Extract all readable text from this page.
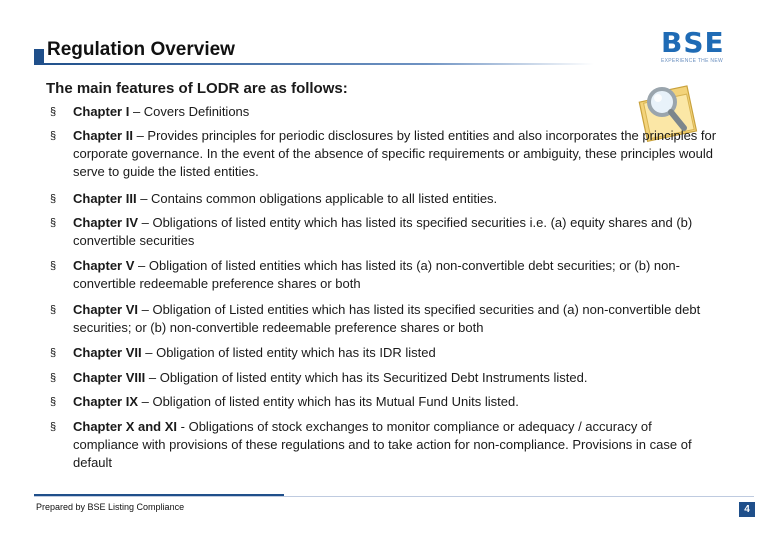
Regulation Overview	BSE
EXPERIENCE THE NEW
The main features of LODR are as follows:
§ Chapter I – Covers Definitions
§ Chapter II – Provides principles for periodic disclosures by listed entities and also incorporates the principles for corporate governance. In the event of the absence of specific requirements or ambiguity, these principles would serve to guide the listed entities.
§ Chapter III – Contains common obligations applicable to all listed entities.
§ Chapter IV – Obligations of listed entity which has listed its specified securities i.e. (a) equity shares and (b) convertible securities
§ Chapter V – Obligation of listed entities which has listed its (a) non-convertible debt securities; or (b) non-convertible redeemable preference shares or both
§ Chapter VI – Obligation of Listed entities which has listed its specified securities and (a) non-convertible debt securities; or (b) non-convertible redeemable preference shares or both
§ Chapter VII – Obligation of listed entity which has its IDR listed
§ Chapter VIII – Obligation of listed entity which has its Securitized Debt Instruments listed.
§ Chapter IX – Obligation of listed entity which has its Mutual Fund Units listed.
§ Chapter X and XI - Obligations of stock exchanges to monitor compliance or adequacy / accuracy of compliance with provisions of these regulations and to take action for non-compliance. Provisions in case of default
Prepared by BSE Listing Compliance	4
